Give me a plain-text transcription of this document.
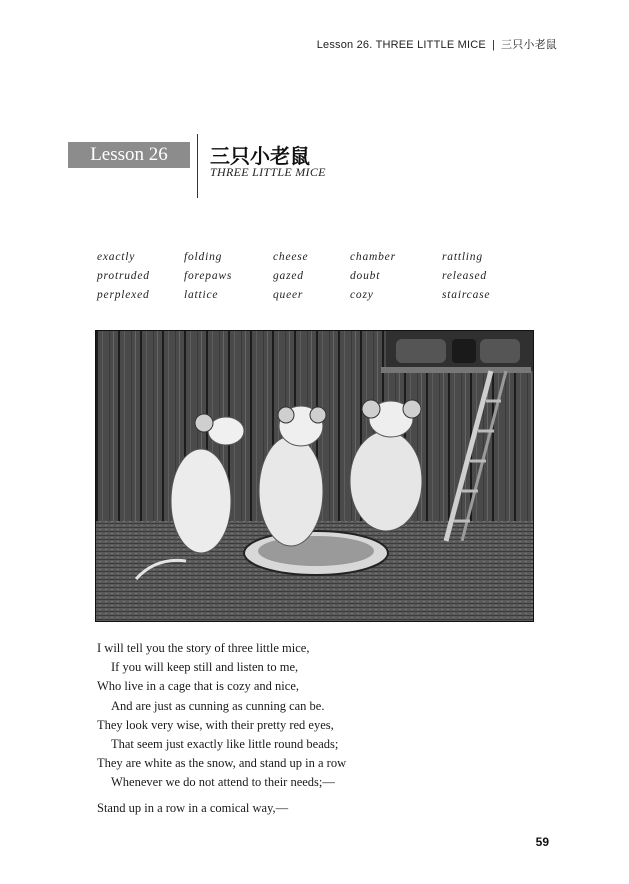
Lesson 26. THREE LITTLE MICE | 三只小老鼠
Lesson 26	三只小老鼠
THREE LITTLE MICE
exactly	folding	cheese	chamber	rattling
protruded	forepaws	gazed	doubt	released
perplexed	lattice	queer	cozy	staircase
I will tell you the story of three little mice,
If you will keep still and listen to me,
Who live in a cage that is cozy and nice,
And are just as cunning as cunning can be.
They look very wise, with their pretty red eyes,
That seem just exactly like little round beads;
They are white as the snow, and stand up in a row
Whenever we do not attend to their needs;—
Stand up in a row in a comical way,—
59
